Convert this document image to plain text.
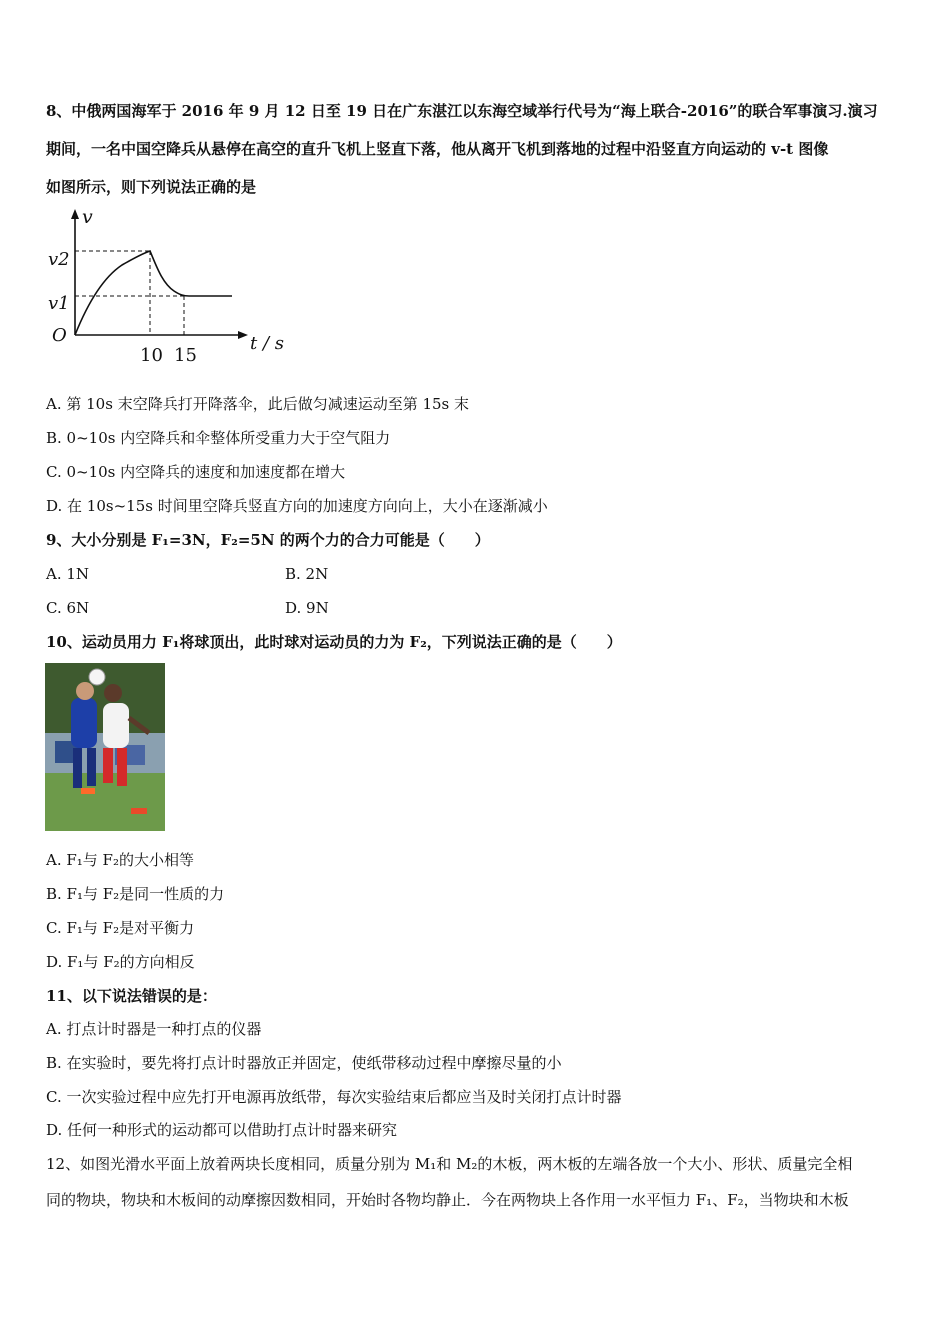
8、中俄两国海军于 2016 年 9 月 12 日至 19 日在广东湛江以东海空域举行代号为“海上联合-2016”的联合军事演习.演习
期间，一名中国空降兵从悬停在高空的直升飞机上竖直下落，他从离开飞机到落地的过程中沿竖直方向运动的 v-t 图像
如图所示，则下列说法正确的是
v
t / s
O
v2
v1
10 15
A. 第 10s 末空降兵打开降落伞，此后做匀减速运动至第 15s 末
B. 0~10s 内空降兵和伞整体所受重力大于空气阻力
C. 0~10s 内空降兵的速度和加速度都在增大
D. 在 10s~15s 时间里空降兵竖直方向的加速度方向向上，大小在逐渐减小
9、大小分别是 F₁=3N，F₂=5N 的两个力的合力可能是（　　）
A. 1N	B. 2N
C. 6N	D. 9N
10、运动员用力 F₁将球顶出，此时球对运动员的力为 F₂，下列说法正确的是（　　）
A. F₁与 F₂的大小相等
B. F₁与 F₂是同一性质的力
C. F₁与 F₂是对平衡力
D. F₁与 F₂的方向相反
11、以下说法错误的是：
A. 打点计时器是一种打点的仪器
B. 在实验时，要先将打点计时器放正并固定，使纸带移动过程中摩擦尽量的小
C. 一次实验过程中应先打开电源再放纸带，每次实验结束后都应当及时关闭打点计时器
D. 任何一种形式的运动都可以借助打点计时器来研究
12、如图光滑水平面上放着两块长度相同，质量分别为 M₁和 M₂的木板，两木板的左端各放一个大小、形状、质量完全相
同的物块，物块和木板间的动摩擦因数相同，开始时各物均静止．今在两物块上各作用一水平恒力 F₁、F₂，当物块和木板
